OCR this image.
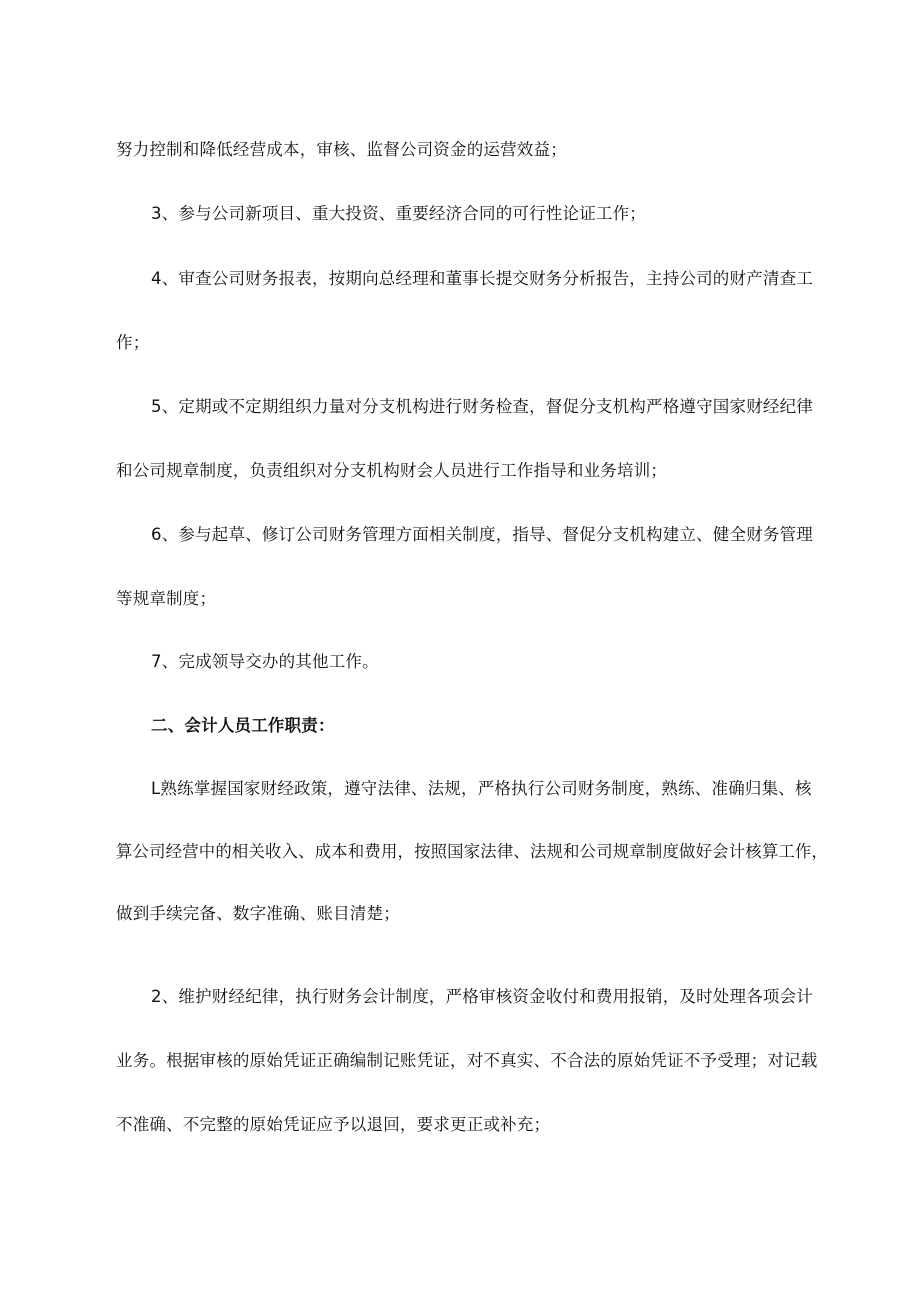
努力控制和降低经营成本，审核、监督公司资金的运营效益；
3、参与公司新项目、重大投资、重要经济合同的可行性论证工作；
4、审查公司财务报表，按期向总经理和董事长提交财务分析报告，主持公司的财产清查工
作；
5、定期或不定期组织力量对分支机构进行财务检查，督促分支机构严格遵守国家财经纪律
和公司规章制度，负责组织对分支机构财会人员进行工作指导和业务培训；
6、参与起草、修订公司财务管理方面相关制度，指导、督促分支机构建立、健全财务管理
等规章制度；
7、完成领导交办的其他工作。
二、会计人员工作职责：
L熟练掌握国家财经政策，遵守法律、法规，严格执行公司财务制度，熟练、准确归集、核
算公司经营中的相关收入、成本和费用，按照国家法律、法规和公司规章制度做好会计核算工作，
做到手续完备、数字准确、账目清楚；
2、维护财经纪律，执行财务会计制度，严格审核资金收付和费用报销，及时处理各项会计
业务。根据审核的原始凭证正确编制记账凭证，对不真实、不合法的原始凭证不予受理；对记载
不准确、不完整的原始凭证应予以退回，要求更正或补充；
